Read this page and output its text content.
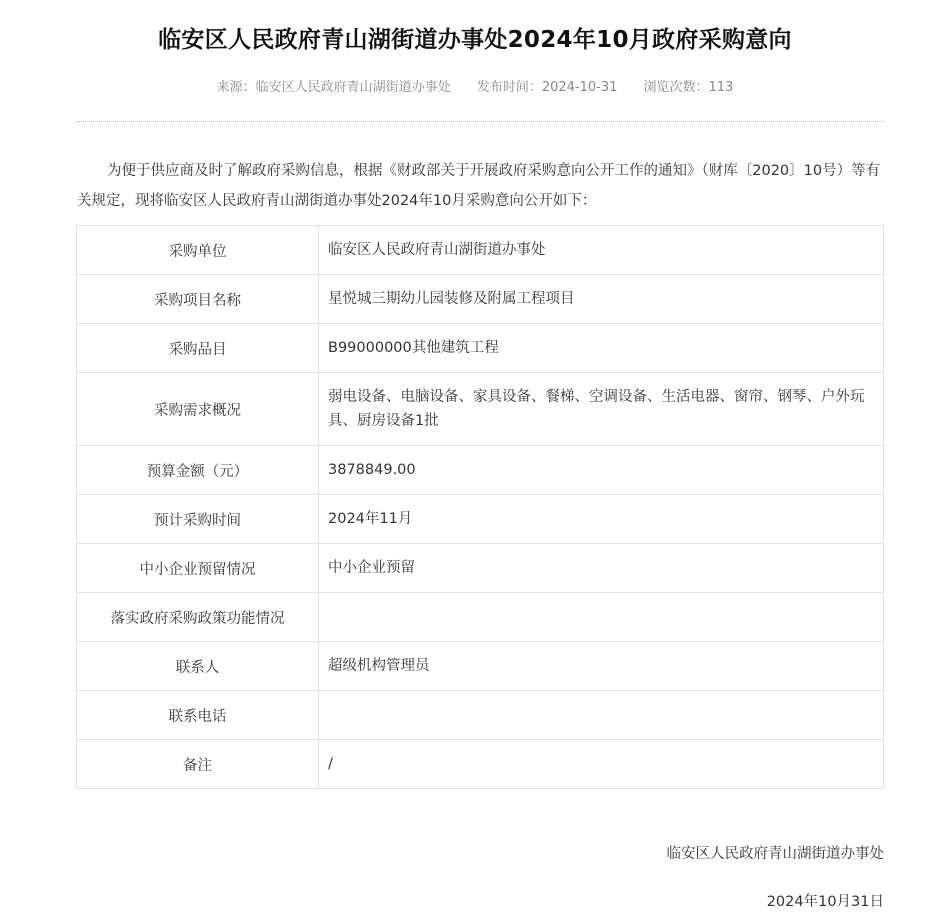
临安区人民政府青山湖街道办事处2024年10月政府采购意向
来源：临安区人民政府青山湖街道办事处 发布时间：2024-10-31 浏览次数：113
为便于供应商及时了解政府采购信息，根据《财政部关于开展政府采购意向公开工作的通知》（财库〔2020〕10号）等有关规定，现将临安区人民政府青山湖街道办事处2024年10月采购意向公开如下：
采购单位	临安区人民政府青山湖街道办事处
采购项目名称	星悦城三期幼儿园装修及附属工程项目
采购品目	B99000000其他建筑工程
采购需求概况	弱电设备、电脑设备、家具设备、餐梯、空调设备、生活电器、窗帘、钢琴、户外玩具、厨房设备1批
预算金额（元）	3878849.00
预计采购时间	2024年11月
中小企业预留情况	中小企业预留
落实政府采购政策功能情况	
联系人	超级机构管理员
联系电话	
备注	/
临安区人民政府青山湖街道办事处
2024年10月31日
